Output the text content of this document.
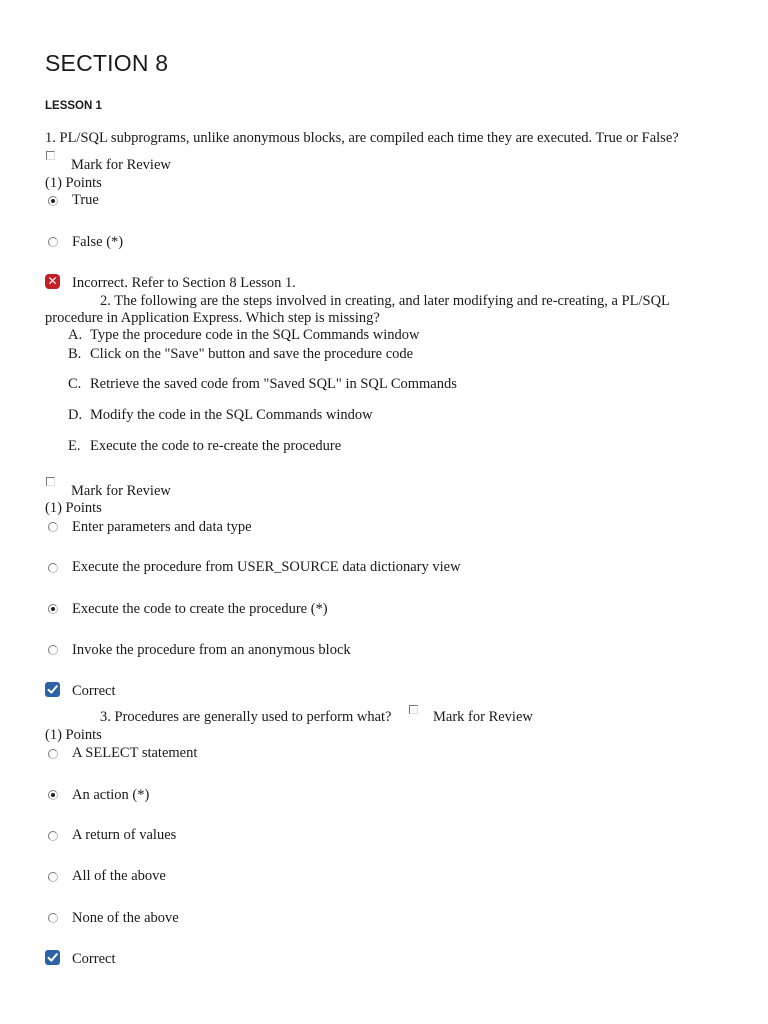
SECTION 8
LESSON 1
1. PL/SQL subprograms, unlike anonymous blocks, are compiled each time they are executed. True or False?
Mark for Review
(1) Points
True
False (*)
✕ Incorrect. Refer to Section 8 Lesson 1.
2. The following are the steps involved in creating, and later modifying and re-creating, a PL/SQL
procedure in Application Express. Which step is missing?
A. Type the procedure code in the SQL Commands window
B. Click on the "Save" button and save the procedure code
C. Retrieve the saved code from "Saved SQL" in SQL Commands
D. Modify the code in the SQL Commands window
E. Execute the code to re-create the procedure
Mark for Review
(1) Points
Enter parameters and data type
Execute the procedure from USER_SOURCE data dictionary view
Execute the code to create the procedure (*)
Invoke the procedure from an anonymous block
Correct
3. Procedures are generally used to perform what?	Mark for Review
(1) Points
A SELECT statement
An action (*)
A return of values
All of the above
None of the above
Correct
